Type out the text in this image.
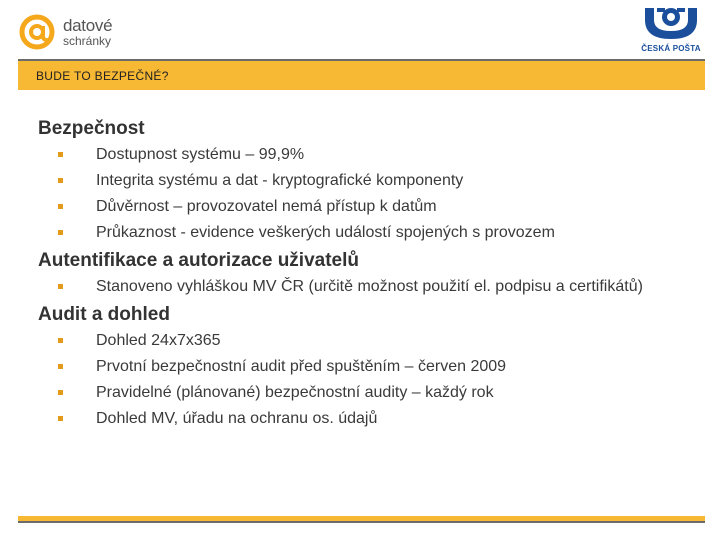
datové
schránky
ČESKÁ POŠTA
BUDE TO BEZPEČNÉ?
Bezpečnost
Dostupnost systému – 99,9%
Integrita systému a dat - kryptografické komponenty
Důvěrnost – provozovatel nemá přístup k datům
Průkaznost - evidence veškerých událostí spojených s provozem
Autentifikace a autorizace uživatelů
Stanoveno vyhláškou MV ČR (určitě možnost použití el. podpisu a certifikátů)
Audit a dohled
Dohled 24x7x365
Prvotní bezpečnostní audit před spuštěním – červen 2009
Pravidelné (plánované) bezpečnostní audity – každý rok
Dohled MV, úřadu na ochranu os. údajů
